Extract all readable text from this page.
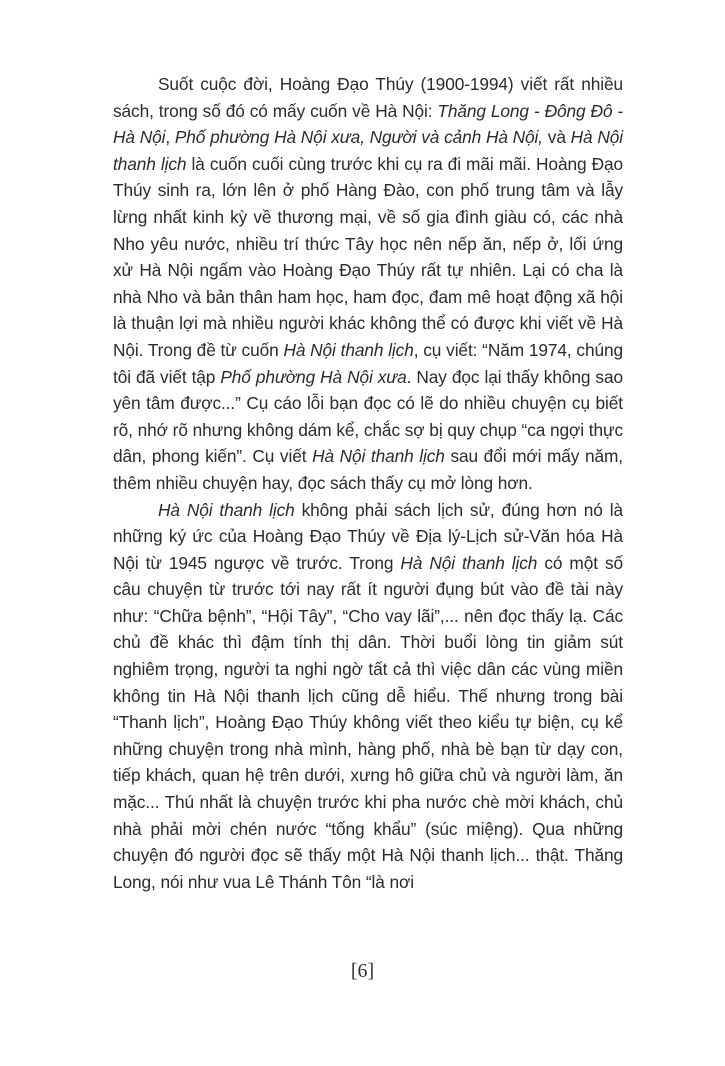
Suốt cuộc đời, Hoàng Đạo Thúy (1900-1994) viết rất nhiều sách, trong số đó có mấy cuốn về Hà Nội: Thăng Long - Đông Đô - Hà Nội, Phố phường Hà Nội xưa, Người và cảnh Hà Nội, và Hà Nội thanh lịch là cuốn cuối cùng trước khi cụ ra đi mãi mãi. Hoàng Đạo Thúy sinh ra, lớn lên ở phố Hàng Đào, con phố trung tâm và lẫy lừng nhất kinh kỳ về thương mại, về số gia đình giàu có, các nhà Nho yêu nước, nhiều trí thức Tây học nên nếp ăn, nếp ở, lối ứng xử Hà Nội ngấm vào Hoàng Đạo Thúy rất tự nhiên. Lại có cha là nhà Nho và bản thân ham học, ham đọc, đam mê hoạt động xã hội là thuận lợi mà nhiều người khác không thể có được khi viết về Hà Nội. Trong đề từ cuốn Hà Nội thanh lịch, cụ viết: “Năm 1974, chúng tôi đã viết tập Phố phường Hà Nội xưa. Nay đọc lại thấy không sao yên tâm được...” Cụ cáo lỗi bạn đọc có lẽ do nhiều chuyện cụ biết rõ, nhớ rõ nhưng không dám kể, chắc sợ bị quy chụp “ca ngợi thực dân, phong kiến”. Cụ viết Hà Nội thanh lịch sau đổi mới mấy năm, thêm nhiều chuyện hay, đọc sách thấy cụ mở lòng hơn.

Hà Nội thanh lịch không phải sách lịch sử, đúng hơn nó là những ký ức của Hoàng Đạo Thúy về Địa lý-Lịch sử-Văn hóa Hà Nội từ 1945 ngược về trước. Trong Hà Nội thanh lịch có một số câu chuyện từ trước tới nay rất ít người đụng bút vào đề tài này như: “Chữa bệnh”, “Hội Tây”, “Cho vay lãi”,... nên đọc thấy lạ. Các chủ đề khác thì đậm tính thị dân. Thời buổi lòng tin giảm sút nghiêm trọng, người ta nghi ngờ tất cả thì việc dân các vùng miền không tin Hà Nội thanh lịch cũng dễ hiểu. Thế nhưng trong bài “Thanh lịch”, Hoàng Đạo Thúy không viết theo kiểu tự biện, cụ kể những chuyện trong nhà mình, hàng phố, nhà bè bạn từ dạy con, tiếp khách, quan hệ trên dưới, xưng hô giữa chủ và người làm, ăn mặc... Thú nhất là chuyện trước khi pha nước chè mời khách, chủ nhà phải mời chén nước “tống khẩu” (súc miệng). Qua những chuyện đó người đọc sẽ thấy một Hà Nội thanh lịch... thật. Thăng Long, nói như vua Lê Thánh Tôn “là nơi

[6]
